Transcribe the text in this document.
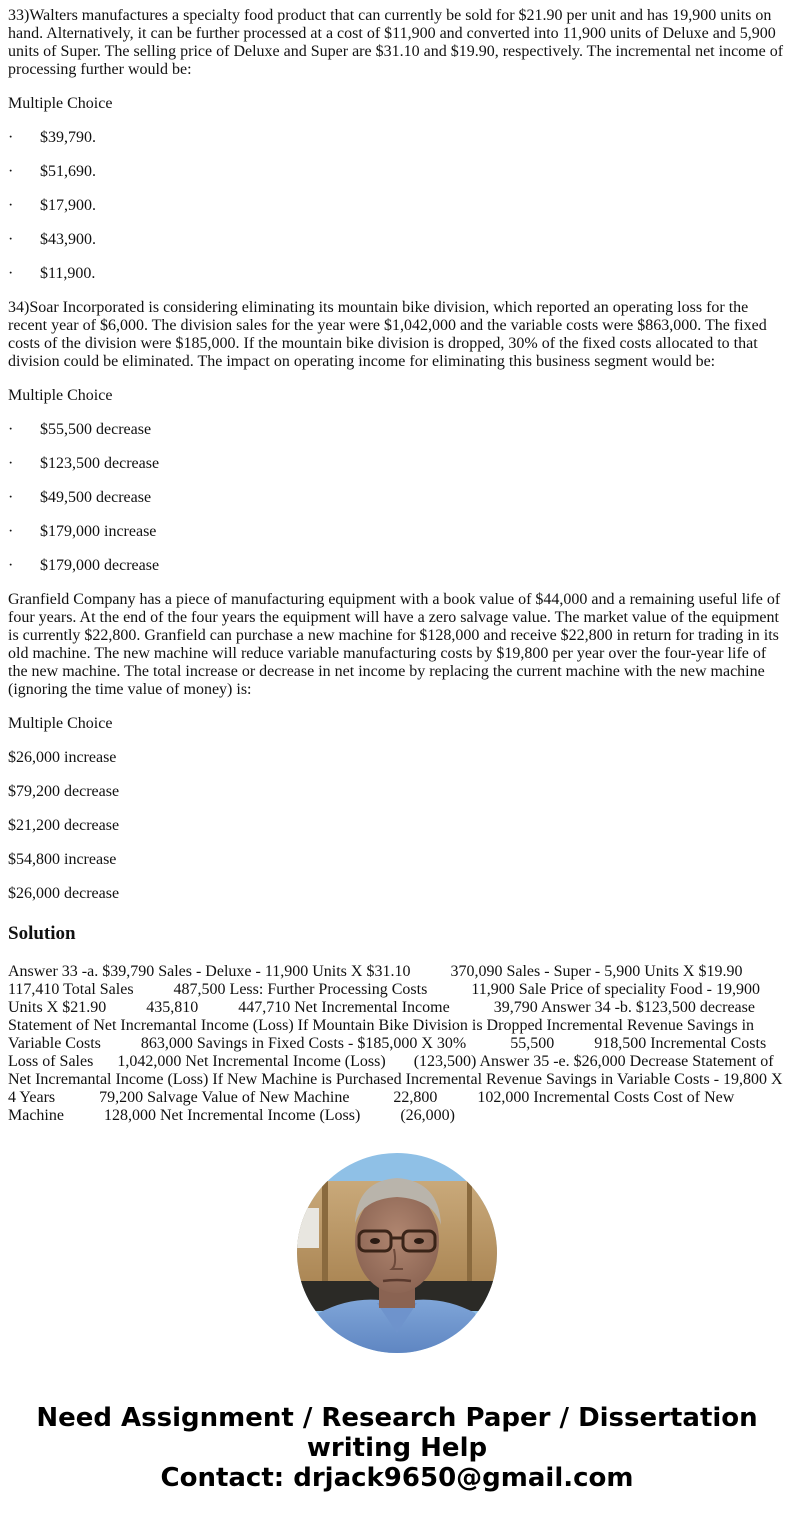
33)Walters manufactures a specialty food product that can currently be sold for $21.90 per unit and has 19,900 units on hand. Alternatively, it can be further processed at a cost of $11,900 and converted into 11,900 units of Deluxe and 5,900 units of Super. The selling price of Deluxe and Super are $31.10 and $19.90, respectively. The incremental net income of processing further would be:

Multiple Choice

·	$39,790.
·	$51,690.
·	$17,900.
·	$43,900.
·	$11,900.

34)Soar Incorporated is considering eliminating its mountain bike division, which reported an operating loss for the recent year of $6,000. The division sales for the year were $1,042,000 and the variable costs were $863,000. The fixed costs of the division were $185,000. If the mountain bike division is dropped, 30% of the fixed costs allocated to that division could be eliminated. The impact on operating income for eliminating this business segment would be:

Multiple Choice

·	$55,500 decrease
·	$123,500 decrease
·	$49,500 decrease
·	$179,000 increase
·	$179,000 decrease

Granfield Company has a piece of manufacturing equipment with a book value of $44,000 and a remaining useful life of four years. At the end of the four years the equipment will have a zero salvage value. The market value of the equipment is currently $22,800. Granfield can purchase a new machine for $128,000 and receive $22,800 in return for trading in its old machine. The new machine will reduce variable manufacturing costs by $19,800 per year over the four-year life of the new machine. The total increase or decrease in net income by replacing the current machine with the new machine (ignoring the time value of money) is:

Multiple Choice

$26,000 increase

$79,200 decrease

$21,200 decrease

$54,800 increase

$26,000 decrease

Solution

Answer 33 -a. $39,790 Sales - Deluxe - 11,900 Units X $31.10          370,090 Sales - Super - 5,900 Units X $19.90          117,410 Total Sales          487,500 Less: Further Processing Costs           11,900 Sale Price of speciality Food - 19,900 Units X $21.90          435,810          447,710 Net Incremental Income           39,790 Answer 34 -b. $123,500 decrease Statement of Net Incremantal Income (Loss) If Mountain Bike Division is Dropped Incremental Revenue Savings in Variable Costs          863,000 Savings in Fixed Costs - $185,000 X 30%           55,500          918,500 Incremental Costs Loss of Sales      1,042,000 Net Incremental Income (Loss)       (123,500) Answer 35 -e. $26,000 Decrease Statement of Net Incremantal Income (Loss) If New Machine is Purchased Incremental Revenue Savings in Variable Costs - 19,800 X 4 Years           79,200 Salvage Value of New Machine           22,800          102,000 Incremental Costs Cost of New Machine          128,000 Net Incremental Income (Loss)          (26,000)

Need Assignment / Research Paper / Dissertation
writing Help
Contact: drjack9650@gmail.com
